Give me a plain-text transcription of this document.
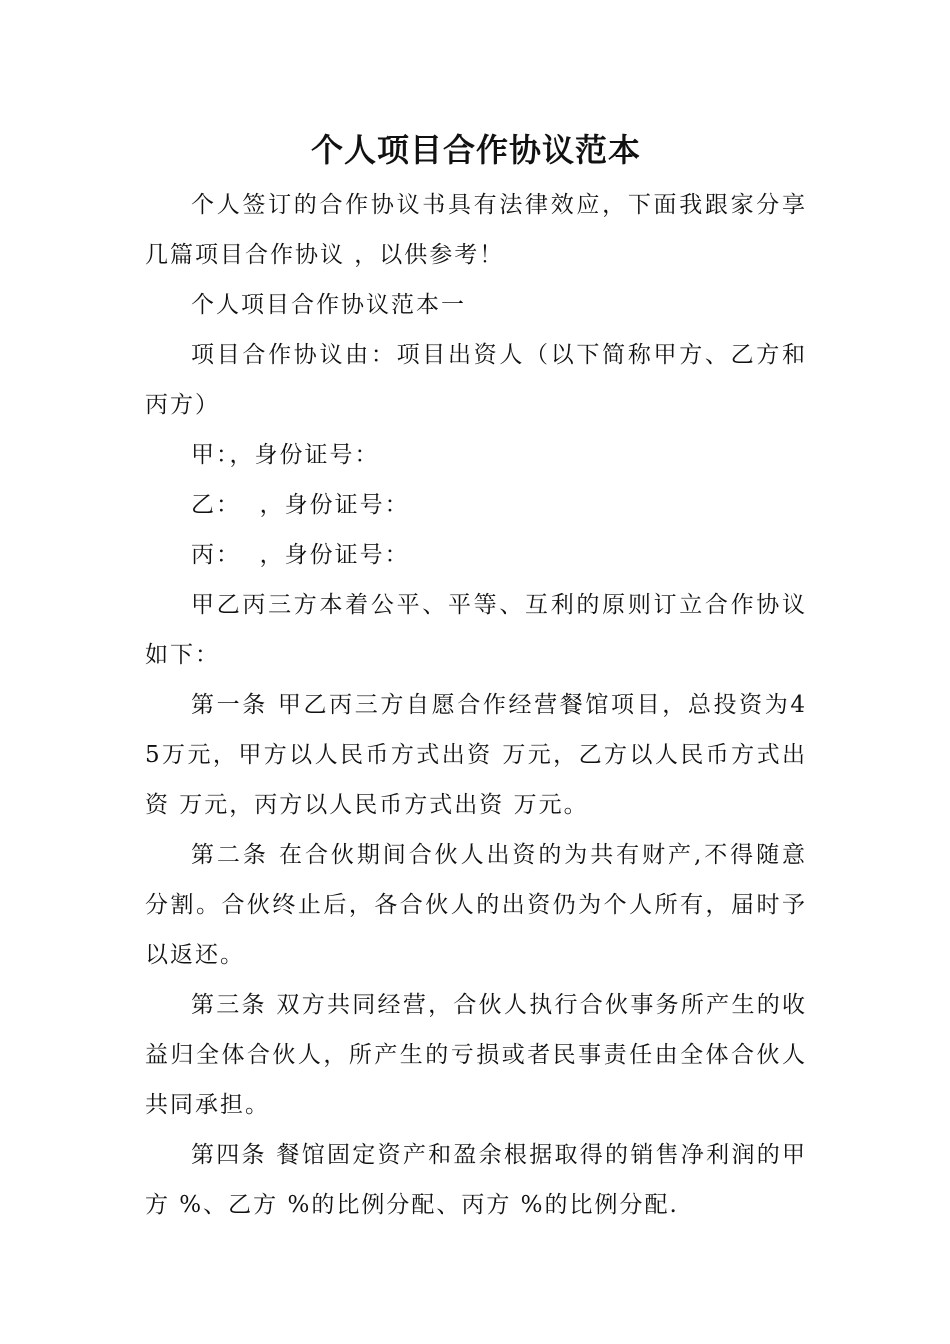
个人项目合作协议范本

个人签订的合作协议书具有法律效应，下面我跟家分享几篇项目合作协议 ，以供参考！

个人项目合作协议范本一

项目合作协议由：项目出资人（以下简称甲方、乙方和丙方）

甲：，身份证号：

乙：  ，身份证号：

丙：  ，身份证号：

甲乙丙三方本着公平、平等、互利的原则订立合作协议如下：

第一条 甲乙丙三方自愿合作经营餐馆项目，总投资为45万元，甲方以人民币方式出资 万元，乙方以人民币方式出资 万元，丙方以人民币方式出资 万元。

第二条 在合伙期间合伙人出资的为共有财产,不得随意分割。合伙终止后，各合伙人的出资仍为个人所有，届时予以返还。

第三条 双方共同经营，合伙人执行合伙事务所产生的收益归全体合伙人，所产生的亏损或者民事责任由全体合伙人共同承担。

第四条 餐馆固定资产和盈余根据取得的销售净利润的甲方 %、乙方 %的比例分配、丙方 %的比例分配.
